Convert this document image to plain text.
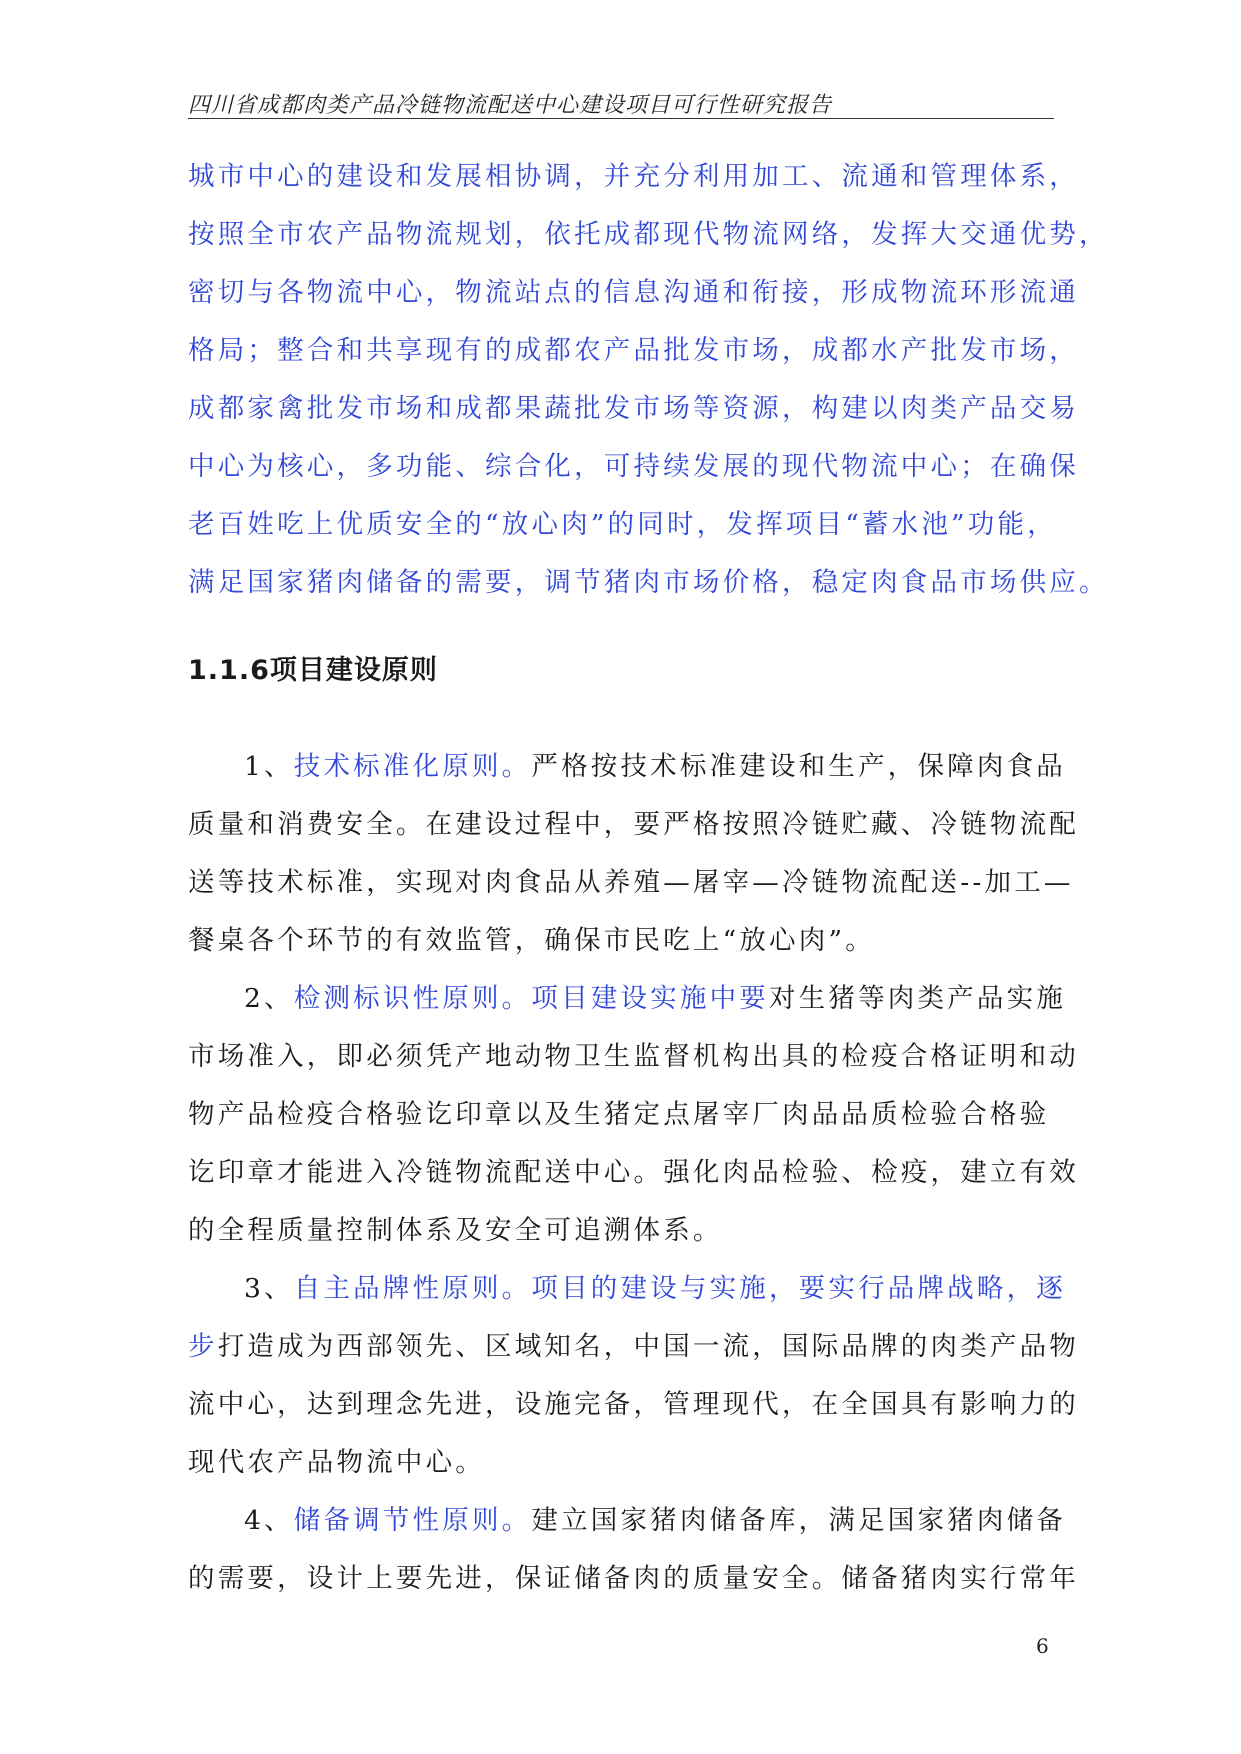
四川省成都肉类产品冷链物流配送中心建设项目可行性研究报告
城市中心的建设和发展相协调，并充分利用加工、流通和管理体系，
按照全市农产品物流规划，依托成都现代物流网络，发挥大交通优势，
密切与各物流中心，物流站点的信息沟通和衔接，形成物流环形流通
格局；整合和共享现有的成都农产品批发市场，成都水产批发市场，
成都家禽批发市场和成都果蔬批发市场等资源，构建以肉类产品交易
中心为核心，多功能、综合化，可持续发展的现代物流中心；在确保
老百姓吃上优质安全的“放心肉”的同时，发挥项目“蓄水池”功能，
满足国家猪肉储备的需要，调节猪肉市场价格，稳定肉食品市场供应。
1.1.6项目建设原则
1、技术标准化原则。严格按技术标准建设和生产，保障肉食品
质量和消费安全。在建设过程中，要严格按照冷链贮藏、冷链物流配
送等技术标准，实现对肉食品从养殖—屠宰—冷链物流配送--加工—
餐桌各个环节的有效监管，确保市民吃上“放心肉”。
2、检测标识性原则。项目建设实施中要对生猪等肉类产品实施
市场准入，即必须凭产地动物卫生监督机构出具的检疫合格证明和动
物产品检疫合格验讫印章以及生猪定点屠宰厂肉品品质检验合格验
讫印章才能进入冷链物流配送中心。强化肉品检验、检疫，建立有效
的全程质量控制体系及安全可追溯体系。
3、自主品牌性原则。项目的建设与实施，要实行品牌战略，逐
步打造成为西部领先、区域知名，中国一流，国际品牌的肉类产品物
流中心，达到理念先进，设施完备，管理现代，在全国具有影响力的
现代农产品物流中心。
4、储备调节性原则。建立国家猪肉储备库，满足国家猪肉储备
的需要，设计上要先进，保证储备肉的质量安全。储备猪肉实行常年
6
